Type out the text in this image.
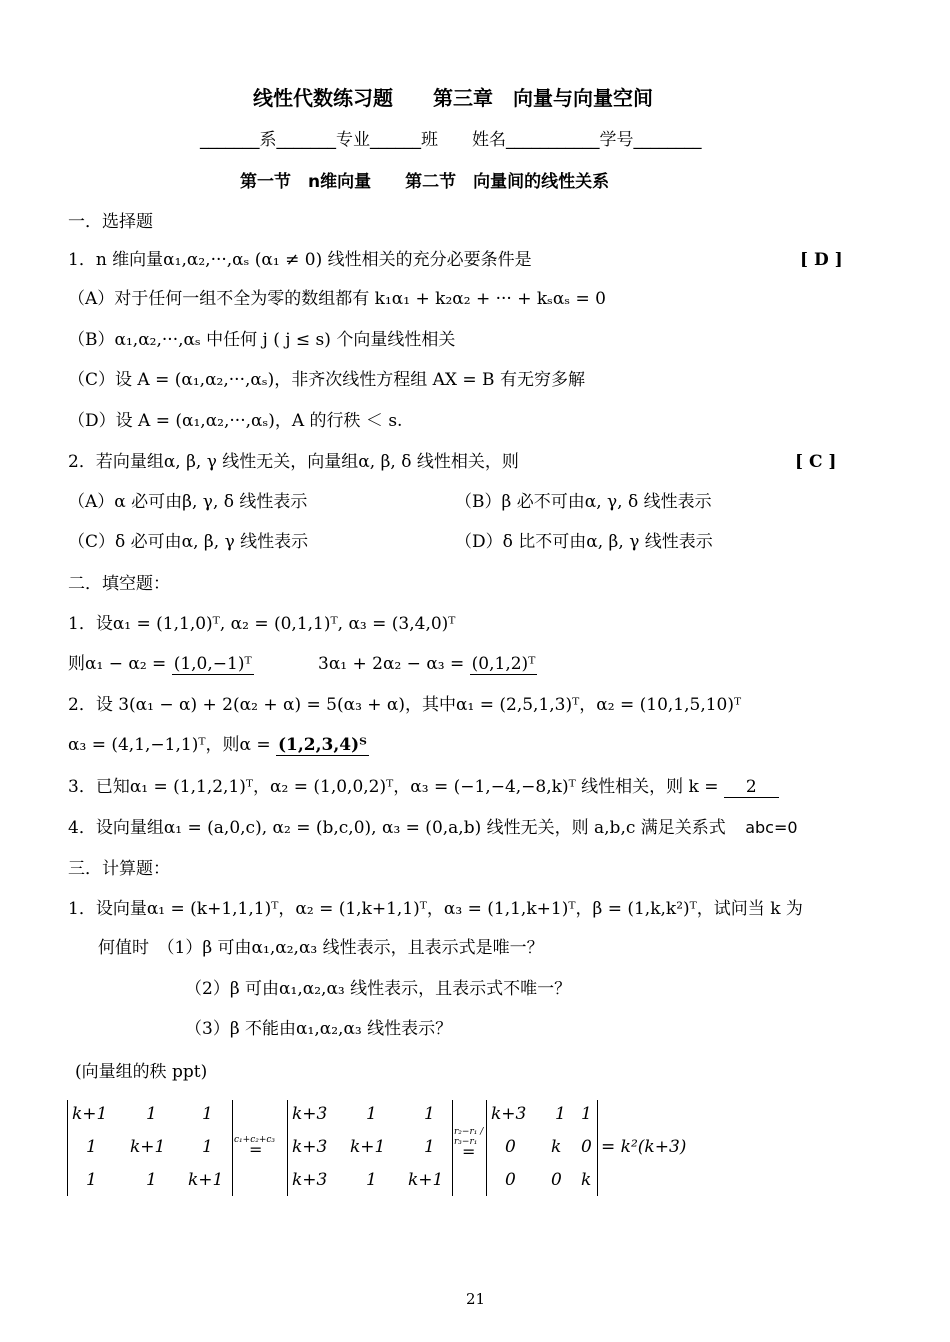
线性代数练习题　　第三章　向量与向量空间
_______系_______专业______班　　姓名___________学号________
第一节　n维向量　　第二节　向量间的线性关系
一．选择题
1．n 维向量α₁,α₂,···,αₛ (α₁ ≠ 0) 线性相关的充分必要条件是	[ D ]
（A）对于任何一组不全为零的数组都有 k₁α₁ + k₂α₂ + ··· + kₛαₛ = 0
（B）α₁,α₂,···,αₛ 中任何 j ( j ≤ s) 个向量线性相关
（C）设 A = (α₁,α₂,···,αₛ)，非齐次线性方程组 AX = B 有无穷多解
（D）设 A = (α₁,α₂,···,αₛ)，A 的行秩 ＜ s.
2．若向量组α, β, γ 线性无关，向量组α, β, δ 线性相关，则	[ C ]
（A）α 必可由β, γ, δ 线性表示	（B）β 必不可由α, γ, δ 线性表示
（C）δ 必可由α, β, γ 线性表示	（D）δ 比不可由α, β, γ 线性表示
二．填空题：
1．设α₁ = (1,1,0)ᵀ, α₂ = (0,1,1)ᵀ, α₃ = (3,4,0)ᵀ
则α₁ − α₂ = (1,0,−1)ᵀ	3α₁ + 2α₂ − α₃ = (0,1,2)ᵀ
2．设 3(α₁ − α) + 2(α₂ + α) = 5(α₃ + α)，其中α₁ = (2,5,1,3)ᵀ，α₂ = (10,1,5,10)ᵀ
α₃ = (4,1,−1,1)ᵀ，则α = (1,2,3,4)ᵀ
3．已知α₁ = (1,1,2,1)ᵀ，α₂ = (1,0,0,2)ᵀ，α₃ = (−1,−4,−8,k)ᵀ 线性相关，则 k = 2
4．设向量组α₁ = (a,0,c), α₂ = (b,c,0), α₃ = (0,a,b) 线性无关，则 a,b,c 满足关系式 abc=0
三．计算题：
1．设向量α₁ = (k+1,1,1)ᵀ，α₂ = (1,k+1,1)ᵀ，α₃ = (1,1,k+1)ᵀ，β = (1,k,k²)ᵀ，试问当 k 为
何值时　（1）β 可由α₁,α₂,α₃ 线性表示，且表示式是唯一？
（2）β 可由α₁,α₂,α₃ 线性表示，且表示式不唯一？
（3）β 不能由α₁,α₂,α₃ 线性表示？
(向量组的秩 ppt)
k+1 1	1
1 k+1 1
1	1 k+1
c₁+c₂+c₃
=
k+3 1	1
k+3 k+1 1
k+3 1 k+1
r₂−r₁ / r₃−r₁
=
k+3 1 1
0 k 0
0 0 k
= k²(k+3)
21
